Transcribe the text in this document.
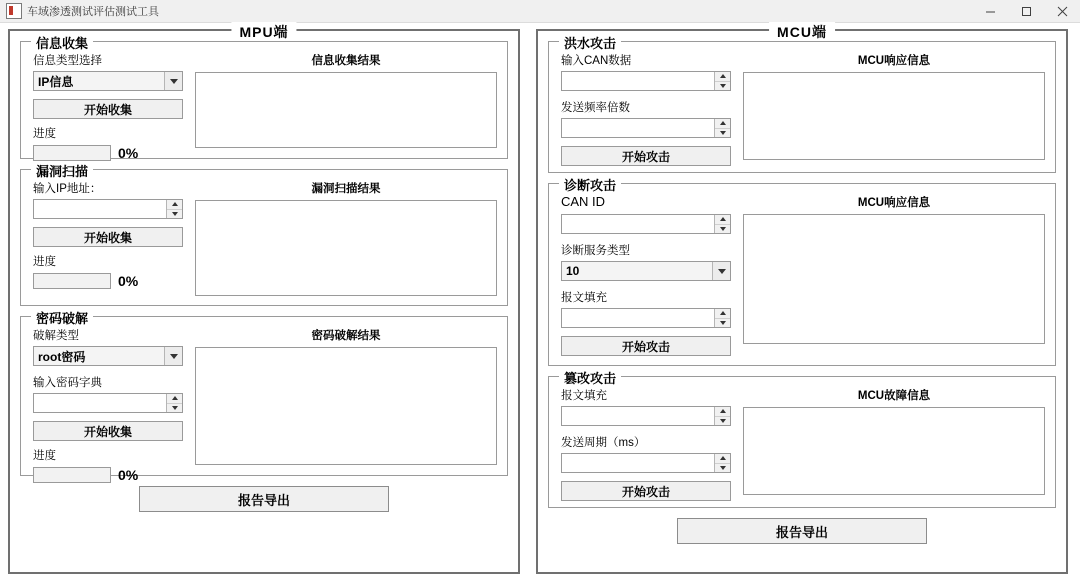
车域渗透测试评估测试工具
MPU端
信息收集
信息类型选择
IP信息
开始收集
进度
0%
信息收集结果
漏洞扫描
输入IP地址：
开始收集
进度
0%
漏洞扫描结果
密码破解
破解类型
root密码
输入密码字典
开始收集
进度
0%
密码破解结果
报告导出
MCU端
洪水攻击
输入CAN数据
发送频率倍数
开始攻击
MCU响应信息
诊断攻击
CAN ID
诊断服务类型
10
报文填充
开始攻击
MCU响应信息
篡改攻击
报文填充
发送周期（ms）
开始攻击
MCU故障信息
报告导出
